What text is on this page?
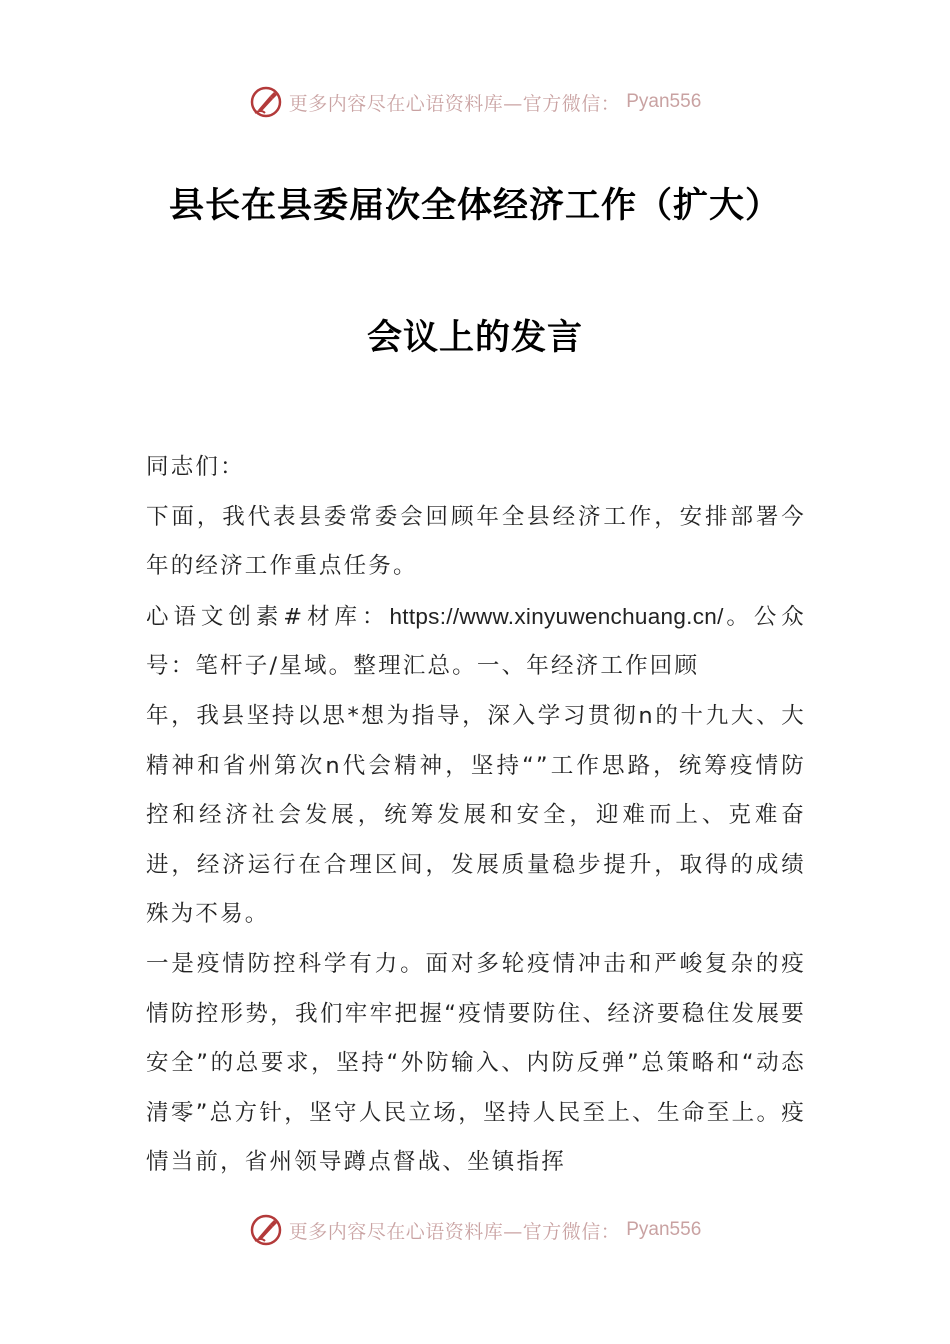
更多内容尽在心语资料库—官方微信： Pyan556
县长在县委届次全体经济工作（扩大）
会议上的发言

同志们：

下面，我代表县委常委会回顾年全县经济工作，安排部署今年的经济工作重点任务。

心语文创素#材库：https://www.xinyuwenchuang.cn/。公众号：笔杆子/星域。整理汇总。一、年经济工作回顾

年，我县坚持以思*想为指导，深入学习贯彻n的十九大、大精神和省州第次n代会精神，坚持“”工作思路，统筹疫情防控和经济社会发展，统筹发展和安全，迎难而上、克难奋进，经济运行在合理区间，发展质量稳步提升，取得的成绩殊为不易。

一是疫情防控科学有力。面对多轮疫情冲击和严峻复杂的疫情防控形势，我们牢牢把握“疫情要防住、经济要稳住发展要安全”的总要求，坚持“外防输入、内防反弹”总策略和“动态清零”总方针，坚守人民立场，坚持人民至上、生命至上。疫情当前，省州领导蹲点督战、坐镇指挥

更多内容尽在心语资料库—官方微信： Pyan556
